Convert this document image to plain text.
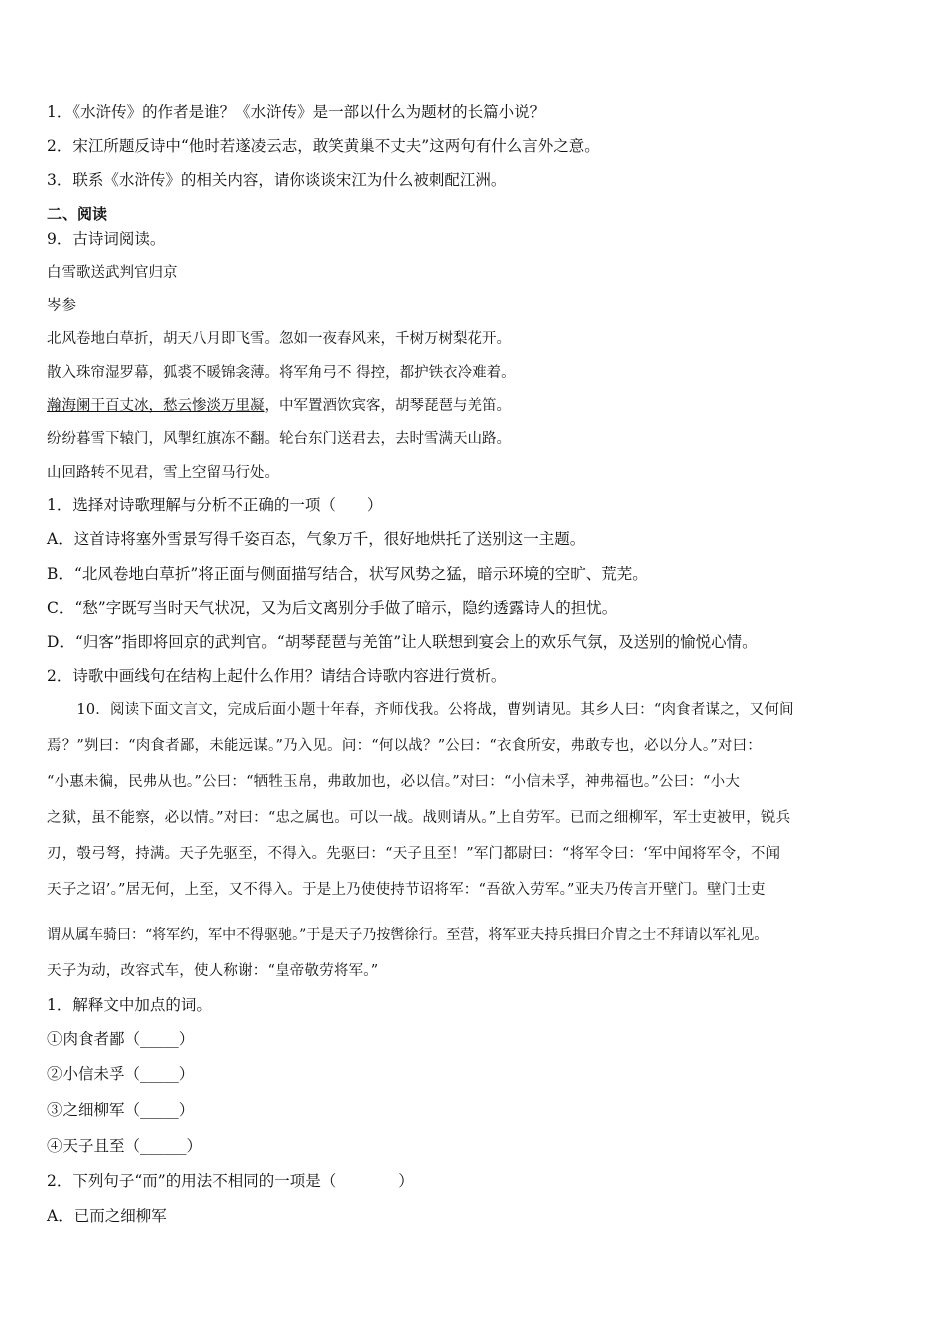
1．《水浒传》的作者是谁？《水浒传》是一部以什么为题材的长篇小说？
2．宋江所题反诗中“他时若遂凌云志，敢笑黄巢不丈夫”这两句有什么言外之意。
3．联系《水浒传》的相关内容，请你谈谈宋江为什么被刺配江洲。
二、阅读
9．古诗词阅读。
白雪歌送武判官归京
岑参
北风卷地白草折，胡天八月即飞雪。忽如一夜春风来，千树万树梨花开。
散入珠帘湿罗幕，狐裘不暖锦衾薄。将军角弓不 得控，都护铁衣冷难着。
瀚海阑干百丈冰，愁云惨淡万里凝，中军置酒饮宾客，胡琴琵琶与羌笛。
纷纷暮雪下辕门，风掣红旗冻不翻。轮台东门送君去，去时雪满天山路。
山回路转不见君，雪上空留马行处。
1．选择对诗歌理解与分析不正确的一项（　　）
A．这首诗将塞外雪景写得千姿百态，气象万千，很好地烘托了送别这一主题。
B．“北风卷地白草折”将正面与侧面描写结合，状写风势之猛，暗示环境的空旷、荒芜。
C．“愁”字既写当时天气状况，又为后文离别分手做了暗示，隐约透露诗人的担忧。
D．“归客”指即将回京的武判官。“胡琴琵琶与羌笛”让人联想到宴会上的欢乐气氛，及送别的愉悦心情。
2．诗歌中画线句在结构上起什么作用？请结合诗歌内容进行赏析。
　　10．阅读下面文言文，完成后面小题十年春，齐师伐我。公将战，曹刿请见。其乡人曰：“肉食者谋之，又何间
焉？”刿曰：“肉食者鄙，未能远谋。”乃入见。问：“何以战？”公曰：“衣食所安，弗敢专也，必以分人。”对曰：
“小惠未徧，民弗从也。”公曰：“牺牲玉帛，弗敢加也，必以信。”对曰：“小信未孚，神弗福也。”公曰：“小大
之狱，虽不能察，必以情。”对曰：“忠之属也。可以一战。战则请从。”上自劳军。已而之细柳军，军士吏被甲，锐兵
刃，彀弓弩，持满。天子先驱至，不得入。先驱曰：“天子且至！”军门都尉曰：“将军令曰：‘军中闻将军令，不闻
天子之诏’。”居无何，上至，又不得入。于是上乃使使持节诏将军：“吾欲入劳军。”亚夫乃传言开壁门。壁门士吏
谓从属车骑曰：“将军约，军中不得驱驰。”于是天子乃按辔徐行。至营，将军亚夫持兵揖曰介胄之士不拜请以军礼见。
天子为动，改容式车，使人称谢：“皇帝敬劳将军。”
1．解释文中加点的词。
①肉食者鄙（_____）
②小信未孚（_____）
③之细柳军（_____）
④天子且至（______）
2．下列句子“而”的用法不相同的一项是（　　　　）
A．已而之细柳军
